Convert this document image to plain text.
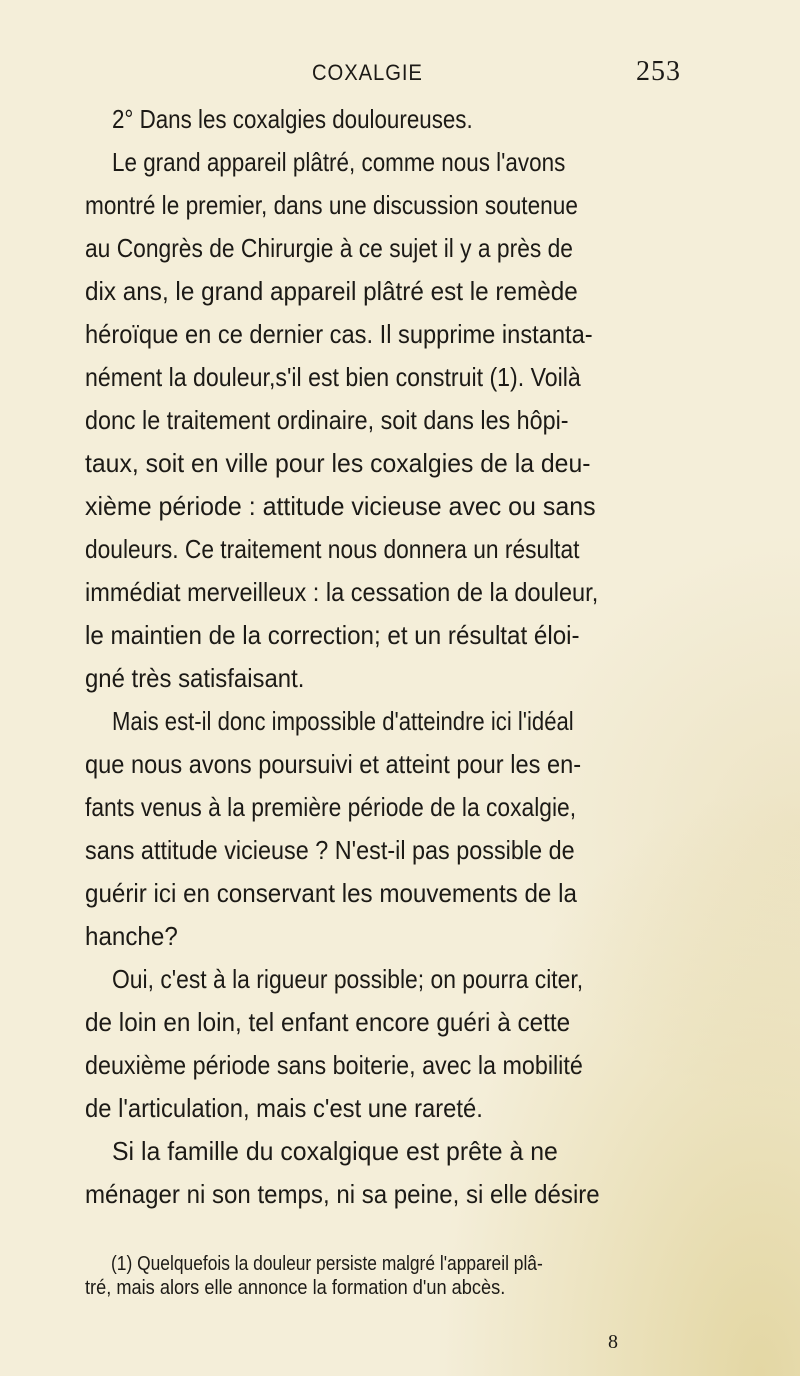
COXALGIE	253
2° Dans les coxalgies douloureuses.
Le grand appareil plâtré, comme nous l'avons
montré le premier, dans une discussion soutenue
au Congrès de Chirurgie à ce sujet il y a près de
dix ans, le grand appareil plâtré est le remède
héroïque en ce dernier cas. Il supprime instanta-
nément la douleur,s'il est bien construit (1). Voilà
donc le traitement ordinaire, soit dans les hôpi-
taux, soit en ville pour les coxalgies de la deu-
xième période : attitude vicieuse avec ou sans
douleurs. Ce traitement nous donnera un résultat
immédiat merveilleux : la cessation de la douleur,
le maintien de la correction; et un résultat éloi-
gné très satisfaisant.
Mais est-il donc impossible d'atteindre ici l'idéal
que nous avons poursuivi et atteint pour les en-
fants venus à la première période de la coxalgie,
sans attitude vicieuse ? N'est-il pas possible de
guérir ici en conservant les mouvements de la
hanche?
Oui, c'est à la rigueur possible; on pourra citer,
de loin en loin, tel enfant encore guéri à cette
deuxième période sans boiterie, avec la mobilité
de l'articulation, mais c'est une rareté.
Si la famille du coxalgique est prête à ne
ménager ni son temps, ni sa peine, si elle désire
(1) Quelquefois la douleur persiste malgré l'appareil plâ-
tré, mais alors elle annonce la formation d'un abcès.
8
